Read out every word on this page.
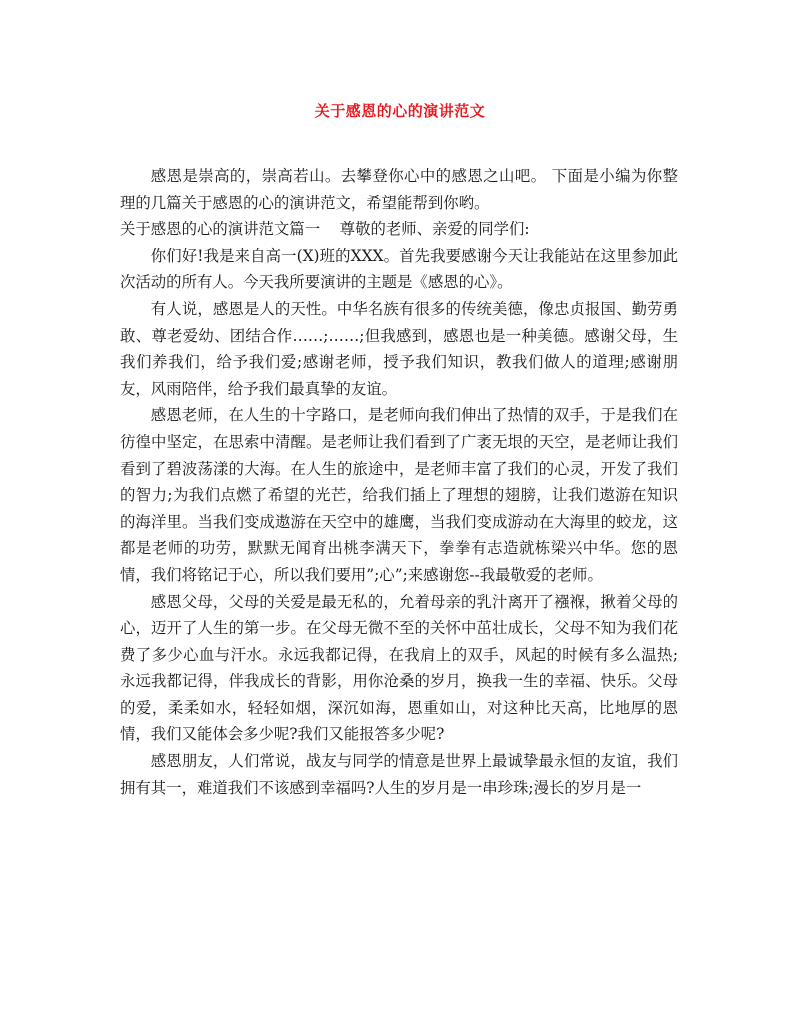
关于感恩的心的演讲范文

感恩是崇高的，崇高若山。去攀登你心中的感恩之山吧。 下面是小编为你整理的几篇关于感恩的心的演讲范文，希望能帮到你哟。

关于感恩的心的演讲范文篇一 尊敬的老师、亲爱的同学们:

你们好!我是来自高一(X)班的XXX。首先我要感谢今天让我能站在这里参加此次活动的所有人。今天我所要演讲的主题是《感恩的心》。

有人说，感恩是人的天性。中华名族有很多的传统美德，像忠贞报国、勤劳勇敢、尊老爱幼、团结合作……;……;但我感到，感恩也是一种美德。感谢父母，生我们养我们，给予我们爱;感谢老师，授予我们知识，教我们做人的道理;感谢朋友，风雨陪伴，给予我们最真挚的友谊。

感恩老师，在人生的十字路口，是老师向我们伸出了热情的双手，于是我们在彷徨中坚定，在思索中清醒。是老师让我们看到了广袤无垠的天空，是老师让我们看到了碧波荡漾的大海。在人生的旅途中，是老师丰富了我们的心灵，开发了我们的智力;为我们点燃了希望的光芒，给我们插上了理想的翅膀，让我们遨游在知识的海洋里。当我们变成遨游在天空中的雄鹰，当我们变成游动在大海里的蛟龙，这都是老师的功劳，默默无闻育出桃李满天下，拳拳有志造就栋梁兴中华。您的恩情，我们将铭记于心，所以我们要用”;心”;来感谢您--我最敬爱的老师。

感恩父母，父母的关爱是最无私的，允着母亲的乳汁离开了襁褓，揪着父母的心，迈开了人生的第一步。在父母无微不至的关怀中茁壮成长，父母不知为我们花费了多少心血与汗水。永远我都记得，在我肩上的双手，风起的时候有多么温热;永远我都记得，伴我成长的背影，用你沧桑的岁月，换我一生的幸福、快乐。父母的爱，柔柔如水，轻轻如烟，深沉如海，恩重如山，对这种比天高，比地厚的恩情，我们又能体会多少呢?我们又能报答多少呢?

感恩朋友，人们常说，战友与同学的情意是世界上最诚挚最永恒的友谊，我们拥有其一，难道我们不该感到幸福吗?人生的岁月是一串珍珠;漫长的岁月是一
